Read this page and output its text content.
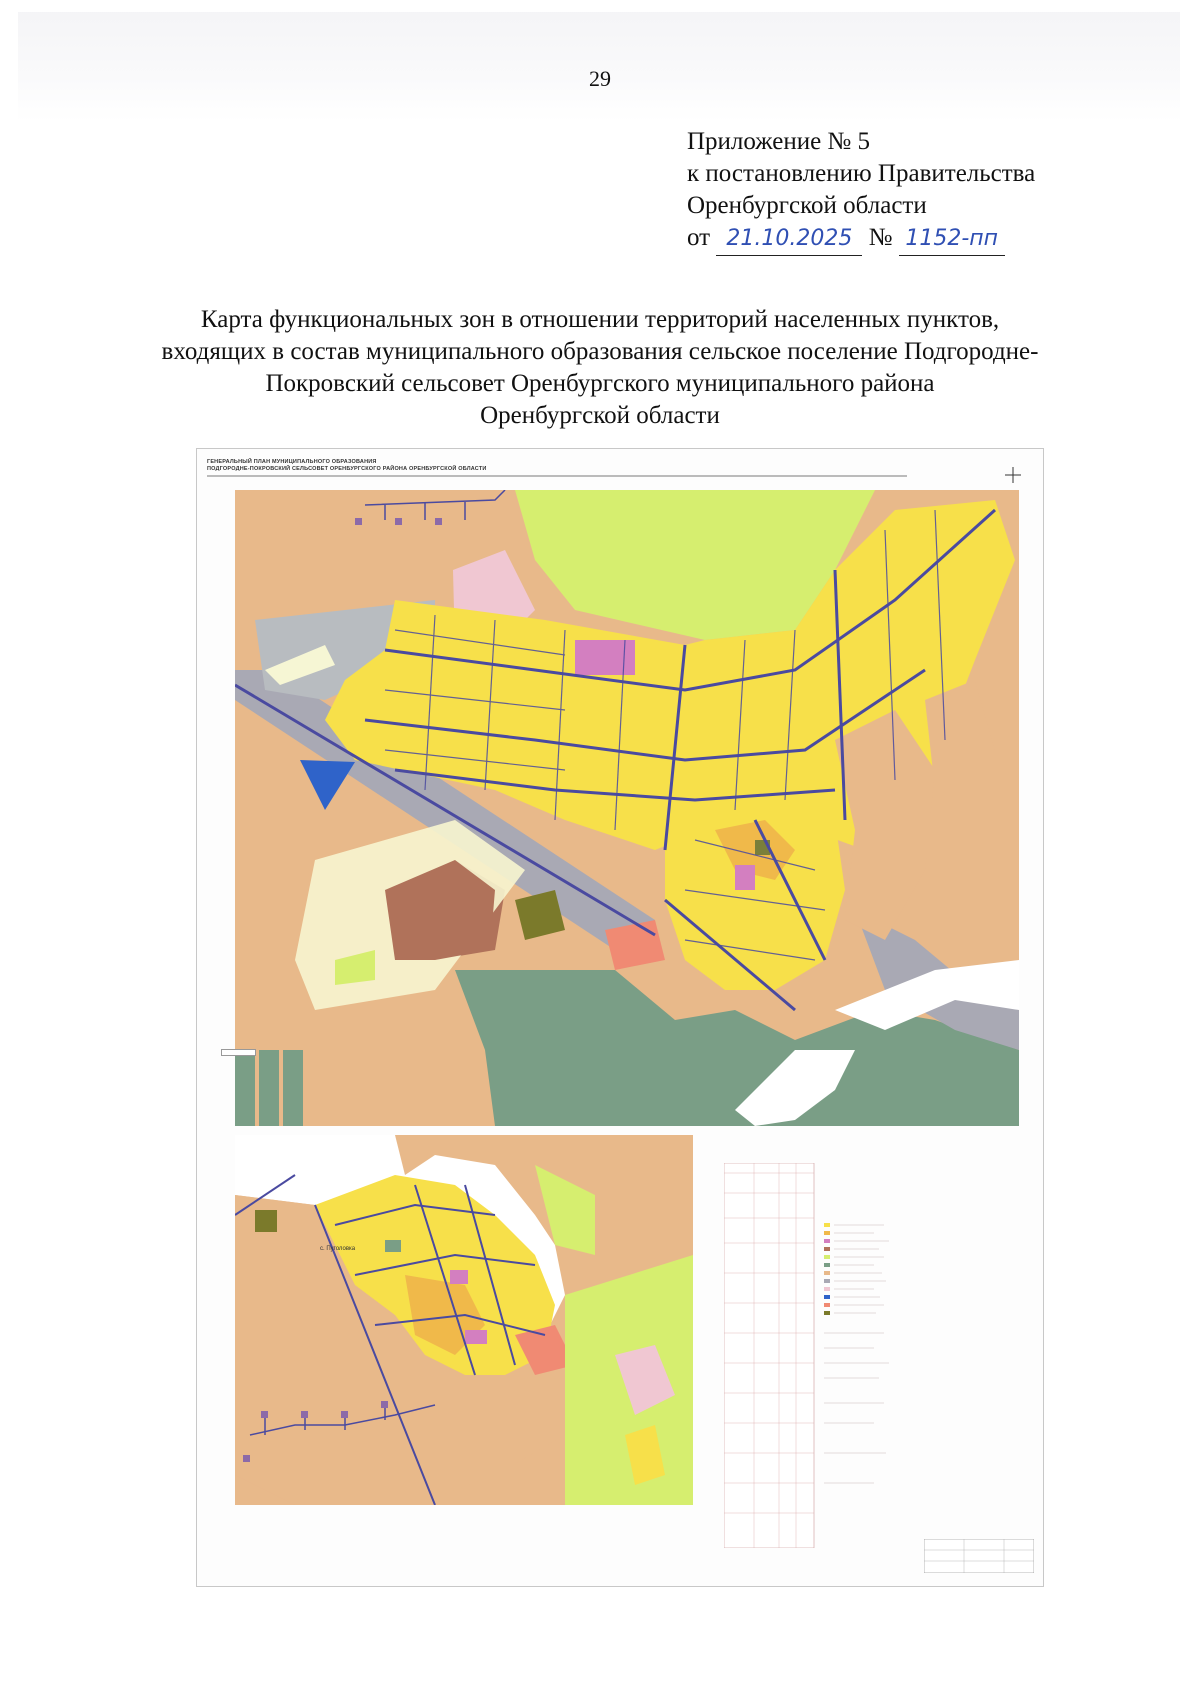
29
Приложение № 5
к постановлению Правительства
Оренбургской области
от 21.10.2025 № 1152-пп
Карта функциональных зон в отношении территорий населенных пунктов,
входящих в состав муниципального образования сельское поселение Подгородне-
Покровский сельсовет Оренбургского муниципального района
Оренбургской области
ГЕНЕРАЛЬНЫЙ ПЛАН МУНИЦИПАЛЬНОГО ОБРАЗОВАНИЯ
ПОДГОРОДНЕ-ПОКРОВСКИЙ СЕЛЬСОВЕТ ОРЕНБУРГСКОГО РАЙОНА ОРЕНБУРГСКОЙ ОБЛАСТИ

с. Пуголовка
